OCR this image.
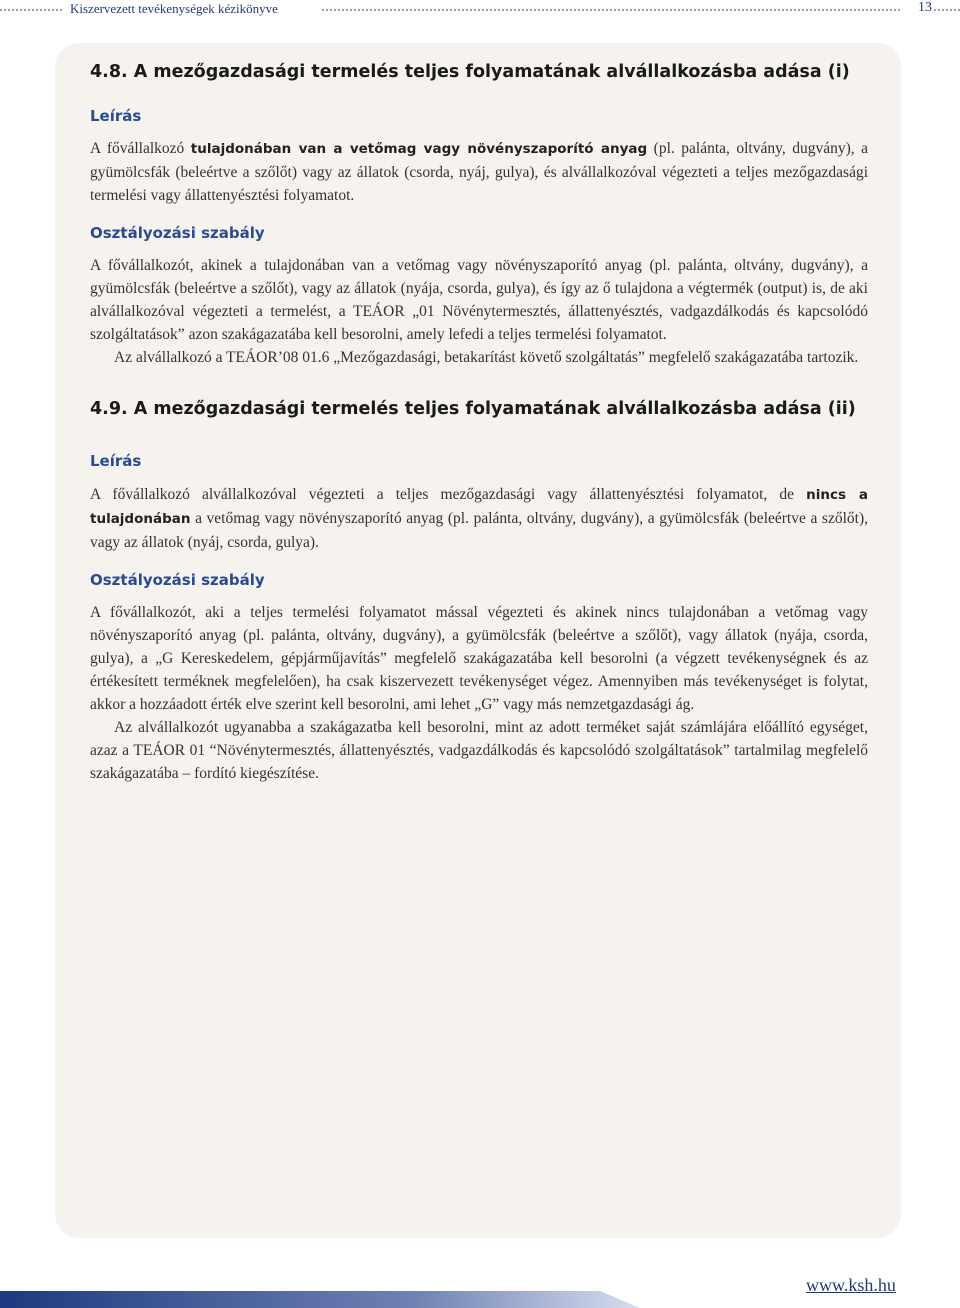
Kiszervezett tevékenységek kézikönyve	13
4.8. A mezőgazdasági termelés teljes folyamatának alvállalkozásba adása (i)
Leírás

A fővállalkozó tulajdonában van a vetőmag vagy növényszaporító anyag (pl. palánta, oltvány, dugvány), a gyümölcsfák (beleértve a szőlőt) vagy az állatok (csorda, nyáj, gulya), és alvállalkozóval végezteti a teljes mezőgazdasági termelési vagy állattenyésztési folyamatot.

Osztályozási szabály

A fővállalkozót, akinek a tulajdonában van a vetőmag vagy növényszaporító anyag (pl. palánta, oltvány, dugvány), a gyümölcsfák (beleértve a szőlőt), vagy az állatok (nyája, csorda, gulya), és így az ő tulajdona a végtermék (output) is, de aki alvállalkozóval végezteti a termelést, a TEÁOR „01 Növénytermesztés, állattenyésztés, vadgazdálkodás és kapcsolódó szolgáltatások” azon szakágazatába kell besorolni, amely lefedi a teljes termelési folyamatot.

Az alvállalkozó a TEÁOR’08 01.6 „Mezőgazdasági, betakarítást követő szolgáltatás” megfelelő szakágazatába tartozik.

4.9. A mezőgazdasági termelés teljes folyamatának alvállalkozásba adása (ii)
Leírás

A fővállalkozó alvállalkozóval végezteti a teljes mezőgazdasági vagy állattenyésztési folyamatot, de nincs a tulajdonában a vetőmag vagy növényszaporító anyag (pl. palánta, oltvány, dugvány), a gyümölcsfák (beleértve a szőlőt), vagy az állatok (nyáj, csorda, gulya).

Osztályozási szabály

A fővállalkozót, aki a teljes termelési folyamatot mással végezteti és akinek nincs tulajdonában a vetőmag vagy növényszaporító anyag (pl. palánta, oltvány, dugvány), a gyümölcsfák (beleértve a szőlőt), vagy állatok (nyája, csorda, gulya), a „G Kereskedelem, gépjárműjavítás” megfelelő szakágazatába kell besorolni (a végzett tevékenységnek és az értékesített terméknek megfelelően), ha csak kiszervezett tevékenységet végez. Amennyiben más tevékenységet is folytat, akkor a hozzáadott érték elve szerint kell besorolni, ami lehet „G” vagy más nemzetgazdasági ág.

Az alvállalkozót ugyanabba a szakágazatba kell besorolni, mint az adott terméket saját számlájára előállító egységet, azaz a TEÁOR 01 “Növénytermesztés, állattenyésztés, vadgazdálkodás és kapcsolódó szolgáltatások” tartalmilag megfelelő szakágazatába – fordító kiegészítése.

www.ksh.hu
